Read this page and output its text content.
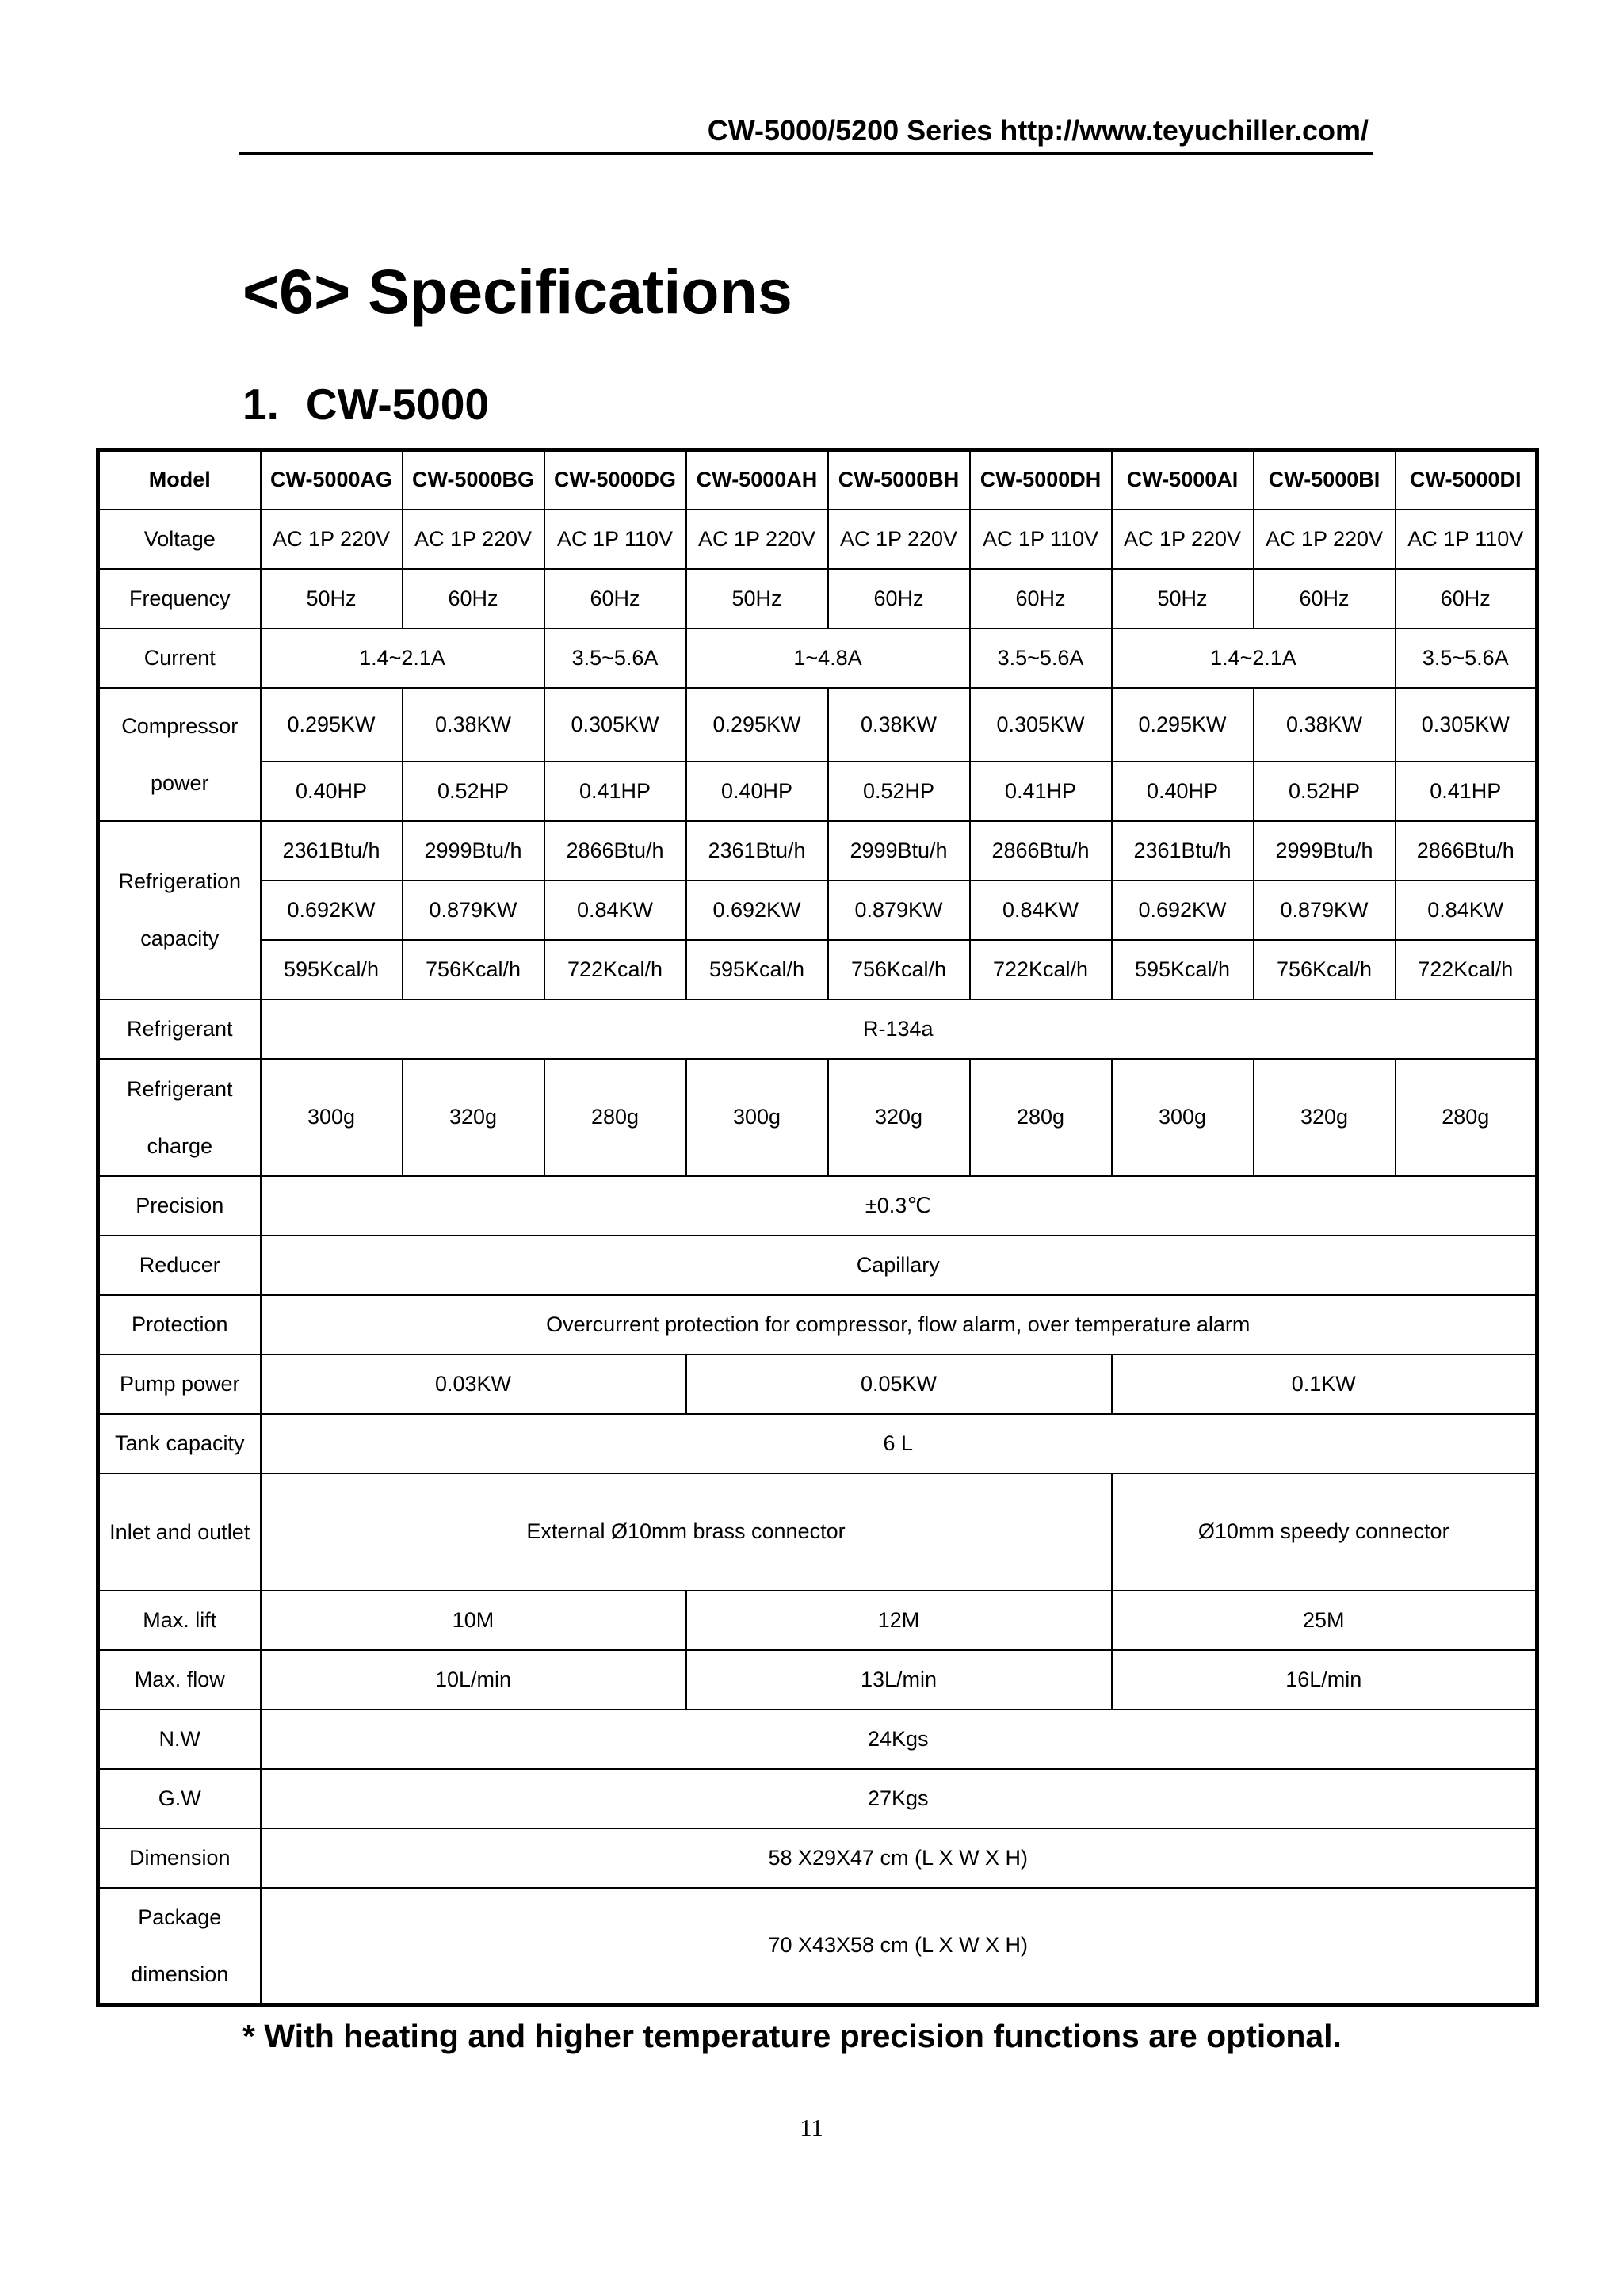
CW-5000/5200 Series http://www.teyuchiller.com/
<6> Specifications
1. CW-5000
Model	CW-5000AG	CW-5000BG	CW-5000DG	CW-5000AH	CW-5000BH	CW-5000DH	CW-5000AI	CW-5000BI	CW-5000DI
Voltage	AC 1P 220V	AC 1P 220V	AC 1P 110V	AC 1P 220V	AC 1P 220V	AC 1P 110V	AC 1P 220V	AC 1P 220V	AC 1P 110V
Frequency	50Hz	60Hz	60Hz	50Hz	60Hz	60Hz	50Hz	60Hz	60Hz
Current	1.4~2.1A		3.5~5.6A	1~4.8A		3.5~5.6A	1.4~2.1A		3.5~5.6A
Compressor power	0.295KW	0.38KW	0.305KW	0.295KW	0.38KW	0.305KW	0.295KW	0.38KW	0.305KW
	0.40HP	0.52HP	0.41HP	0.40HP	0.52HP	0.41HP	0.40HP	0.52HP	0.41HP
Refrigeration capacity	2361Btu/h	2999Btu/h	2866Btu/h	2361Btu/h	2999Btu/h	2866Btu/h	2361Btu/h	2999Btu/h	2866Btu/h
	0.692KW	0.879KW	0.84KW	0.692KW	0.879KW	0.84KW	0.692KW	0.879KW	0.84KW
	595Kcal/h	756Kcal/h	722Kcal/h	595Kcal/h	756Kcal/h	722Kcal/h	595Kcal/h	756Kcal/h	722Kcal/h
Refrigerant	R-134a								
Refrigerant charge	300g	320g	280g	300g	320g	280g	300g	320g	280g
Precision	±0.3℃								
Reducer	Capillary								
Protection	Overcurrent protection for compressor, flow alarm, over temperature alarm								
Pump power	0.03KW			0.05KW			0.1KW		
Tank capacity	6 L								
Inlet and outlet	External Ø10mm brass connector						Ø10mm speedy connector		
Max. lift	10M			12M			25M		
Max. flow	10L/min			13L/min			16L/min		
N.W	24Kgs								
G.W	27Kgs								
Dimension	58 X29X47 cm (L X W X H)								
Package dimension	70 X43X58 cm (L X W X H)								
* With heating and higher temperature precision functions are optional.
11
